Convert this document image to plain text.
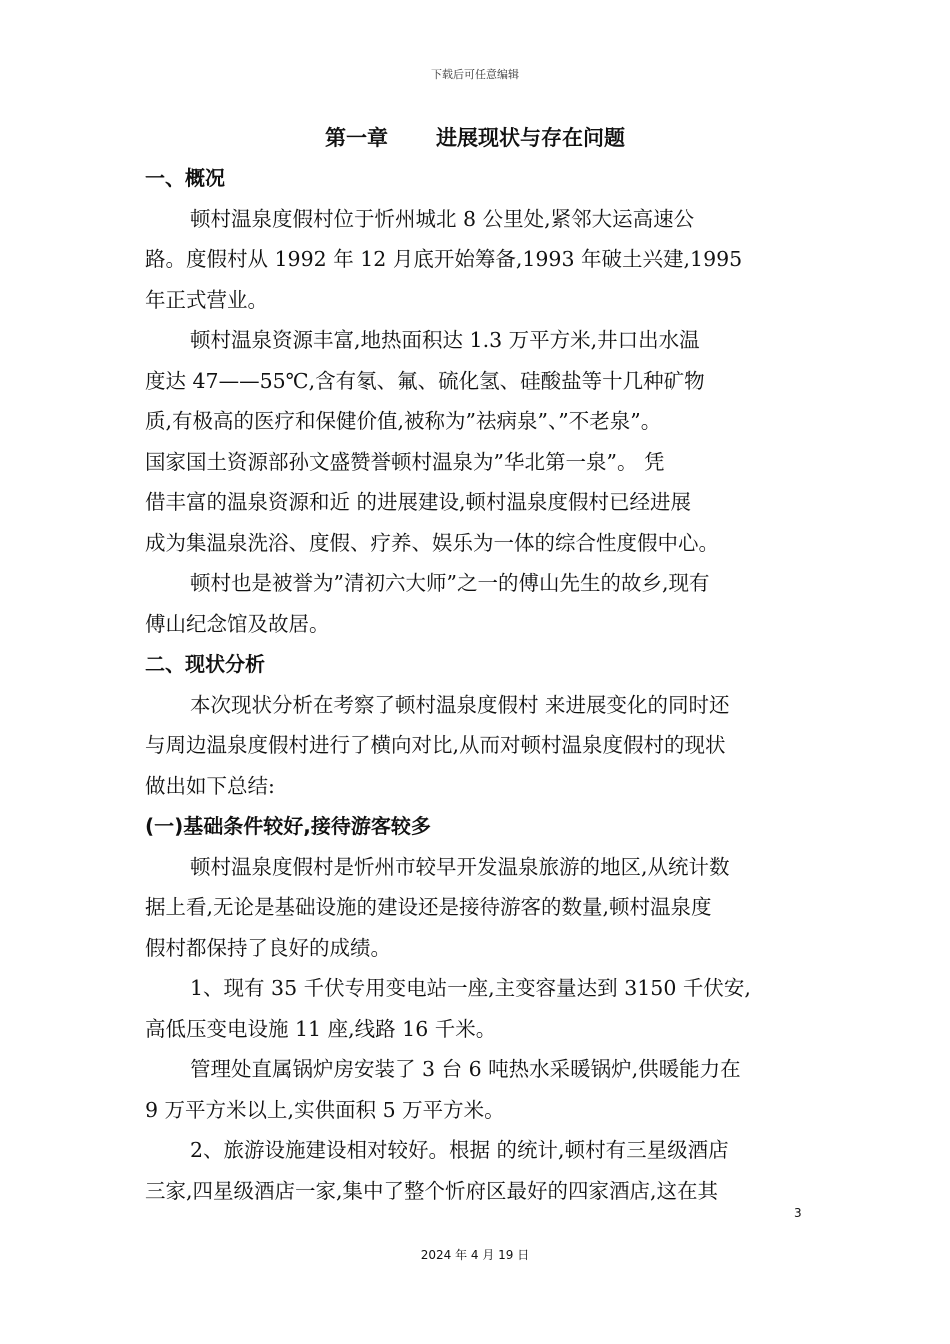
下载后可任意编辑
第一章 进展现状与存在问题
一、概况
顿村温泉度假村位于忻州城北 8 公里处,紧邻大运高速公
路。度假村从 1992 年 12 月底开始筹备,1993 年破土兴建,1995
年正式营业。
顿村温泉资源丰富,地热面积达 1.3 万平方米,井口出水温
度达 47——55℃,含有氡、氟、硫化氢、硅酸盐等十几种矿物
质,有极高的医疗和保健价值,被称为”祛病泉”、”不老泉”。
国家国土资源部孙文盛赞誉顿村温泉为”华北第一泉”。 凭
借丰富的温泉资源和近 的进展建设,顿村温泉度假村已经进展
成为集温泉洗浴、度假、疗养、娱乐为一体的综合性度假中心。
顿村也是被誉为”清初六大师”之一的傅山先生的故乡,现有
傅山纪念馆及故居。
二、现状分析
本次现状分析在考察了顿村温泉度假村 来进展变化的同时还
与周边温泉度假村进行了横向对比,从而对顿村温泉度假村的现状
做出如下总结:
(一)基础条件较好,接待游客较多
顿村温泉度假村是忻州市较早开发温泉旅游的地区,从统计数
据上看,无论是基础设施的建设还是接待游客的数量,顿村温泉度
假村都保持了良好的成绩。
1、现有 35 千伏专用变电站一座,主变容量达到 3150 千伏安,
高低压变电设施 11 座,线路 16 千米。
管理处直属锅炉房安装了 3 台 6 吨热水采暖锅炉,供暖能力在
9 万平方米以上,实供面积 5 万平方米。
2、旅游设施建设相对较好。根据 的统计,顿村有三星级酒店
三家,四星级酒店一家,集中了整个忻府区最好的四家酒店,这在其
3
2024 年 4 月 19 日
